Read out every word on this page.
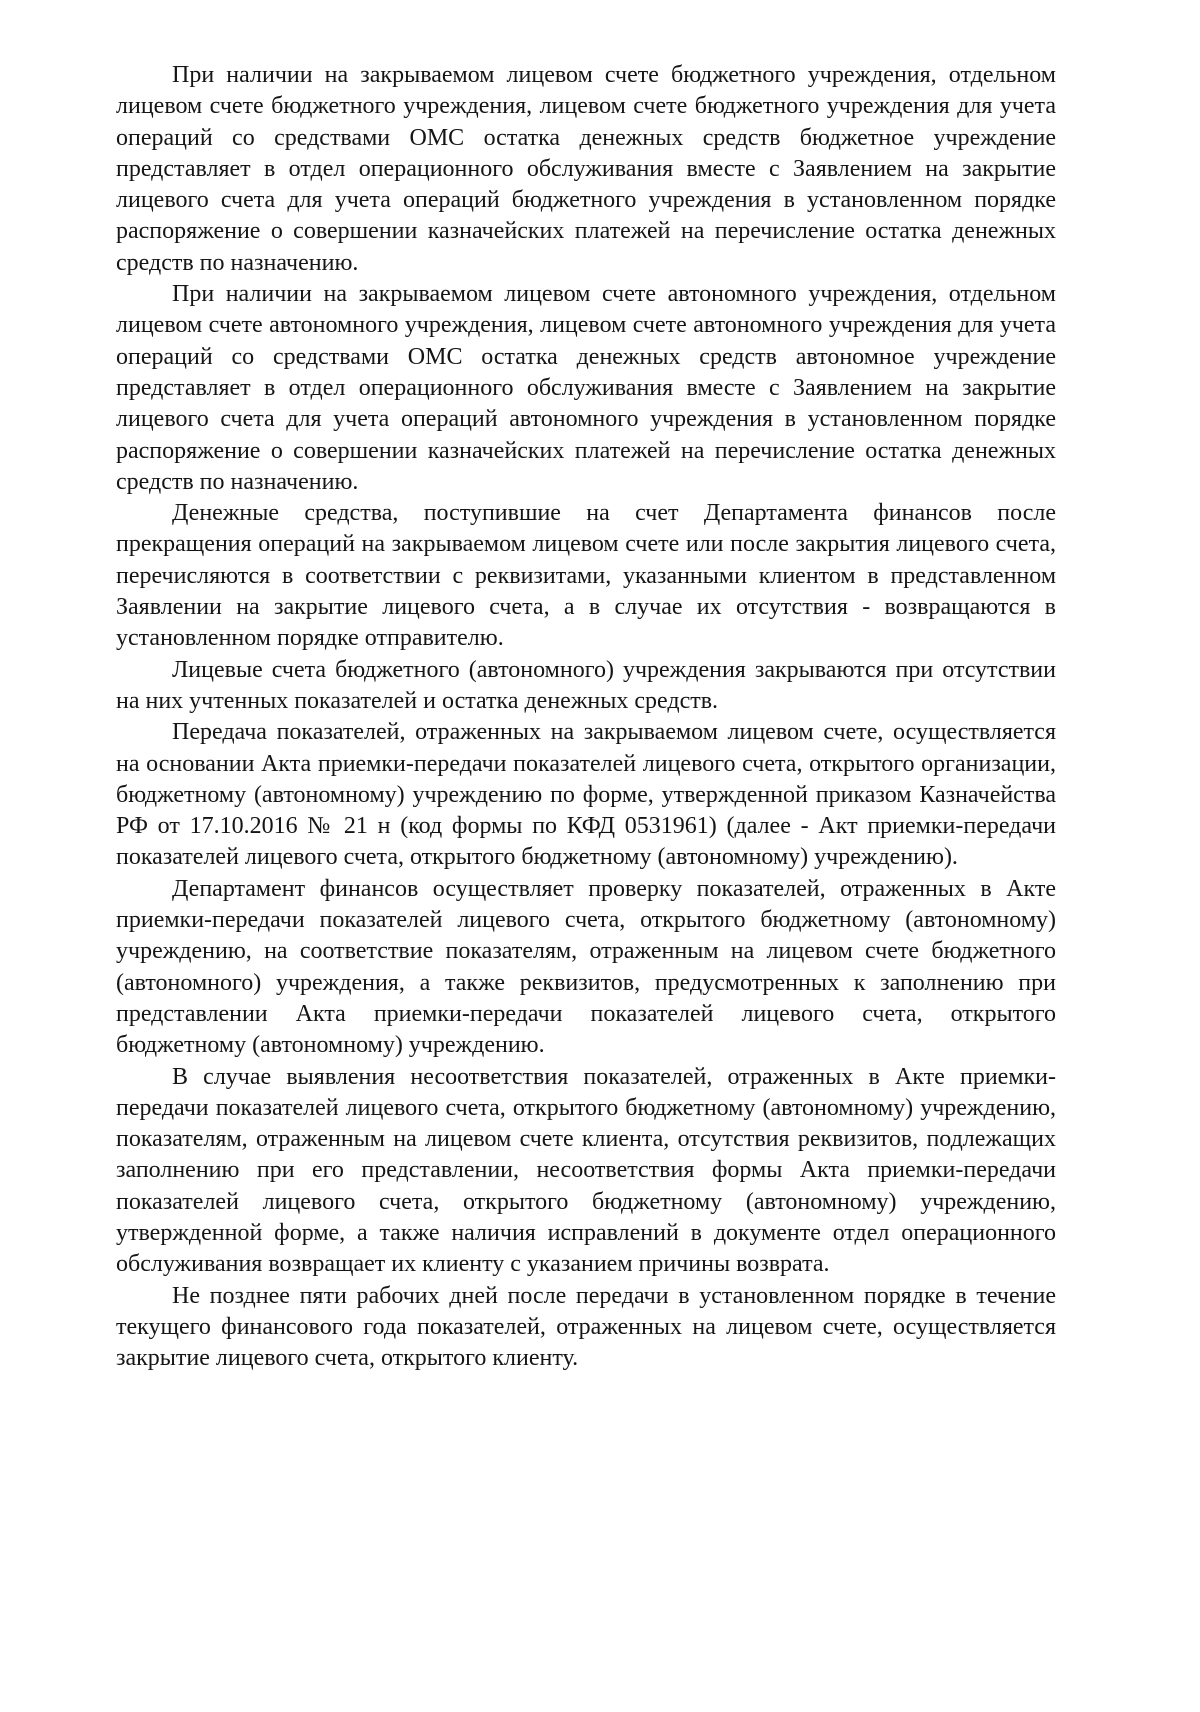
При наличии на закрываемом лицевом счете бюджетного учреждения, отдельном лицевом счете бюджетного учреждения, лицевом счете бюджетного учреждения для учета операций со средствами ОМС остатка денежных средств бюджетное учреждение представляет в отдел операционного обслуживания вместе с Заявлением на закрытие лицевого счета для учета операций бюджетного учреждения в установленном порядке распоряжение о совершении казначейских платежей на перечисление остатка денежных средств по назначению.

При наличии на закрываемом лицевом счете автономного учреждения, отдельном лицевом счете автономного учреждения, лицевом счете автономного учреждения для учета операций со средствами ОМС остатка денежных средств автономное учреждение представляет в отдел операционного обслуживания вместе с Заявлением на закрытие лицевого счета для учета операций автономного учреждения в установленном порядке распоряжение о совершении казначейских платежей на перечисление остатка денежных средств по назначению.

Денежные средства, поступившие на счет Департамента финансов после прекращения операций на закрываемом лицевом счете или после закрытия лицевого счета, перечисляются в соответствии с реквизитами, указанными клиентом в представленном Заявлении на закрытие лицевого счета, а в случае их отсутствия - возвращаются в установленном порядке отправителю.

Лицевые счета бюджетного (автономного) учреждения закрываются при отсутствии на них учтенных показателей и остатка денежных средств.

Передача показателей, отраженных на закрываемом лицевом счете, осуществляется на основании Акта приемки-передачи показателей лицевого счета, открытого организации, бюджетному (автономному) учреждению по форме, утвержденной приказом Казначейства РФ от 17.10.2016 № 21 н (код формы по КФД 0531961) (далее - Акт приемки-передачи показателей лицевого счета, открытого бюджетному (автономному) учреждению).

Департамент финансов осуществляет проверку показателей, отраженных в Акте приемки-передачи показателей лицевого счета, открытого бюджетному (автономному) учреждению, на соответствие показателям, отраженным на лицевом счете бюджетного (автономного) учреждения, а также реквизитов, предусмотренных к заполнению при представлении Акта приемки-передачи показателей лицевого счета, открытого бюджетному (автономному) учреждению.

В случае выявления несоответствия показателей, отраженных в Акте приемки-передачи показателей лицевого счета, открытого бюджетному (автономному) учреждению, показателям, отраженным на лицевом счете клиента, отсутствия реквизитов, подлежащих заполнению при его представлении, несоответствия формы Акта приемки-передачи показателей лицевого счета, открытого бюджетному (автономному) учреждению, утвержденной форме, а также наличия исправлений в документе отдел операционного обслуживания возвращает их клиенту с указанием причины возврата.

Не позднее пяти рабочих дней после передачи в установленном порядке в течение текущего финансового года показателей, отраженных на лицевом счете, осуществляется закрытие лицевого счета, открытого клиенту.
